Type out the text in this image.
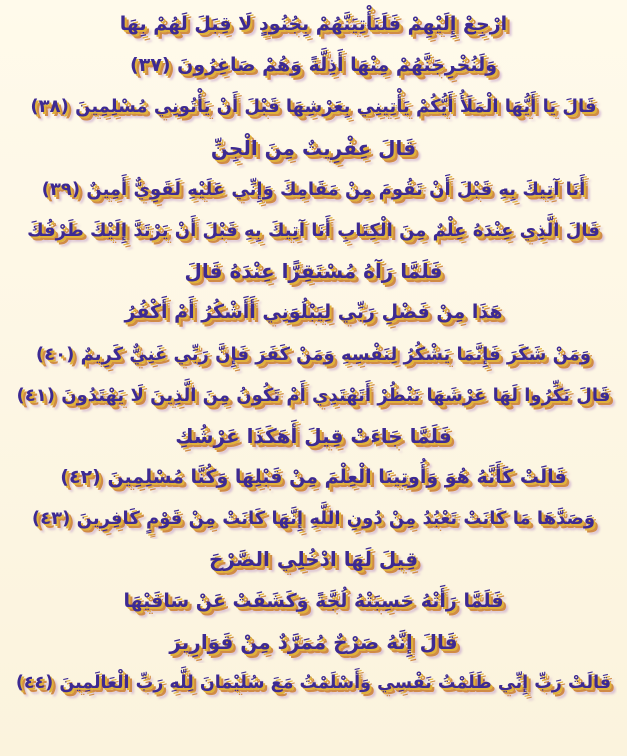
ارْجِعْ إِلَيْهِمْ فَلَنَأْتِيَنَّهُمْ بِجُنُودٍ لَا قِبَلَ لَهُمْ بِهَا
وَلَنُخْرِجَنَّهُمْ مِنْهَا أَذِلَّةً وَهُمْ صَاغِرُونَ (٣٧)
قَالَ يَا أَيُّهَا الْمَلَأُ أَيُّكُمْ يَأْتِينِي بِعَرْشِهَا قَبْلَ أَنْ يَأْتُونِي مُسْلِمِينَ (٣٨)
قَالَ عِفْرِيتٌ مِنَ الْجِنِّ
أَنَا آتِيكَ بِهِ قَبْلَ أَنْ تَقُومَ مِنْ مَقَامِكَ وَإِنِّي عَلَيْهِ لَقَوِيٌّ أَمِينٌ (٣٩)
قَالَ الَّذِي عِنْدَهُ عِلْمٌ مِنَ الْكِتَابِ أَنَا آتِيكَ بِهِ قَبْلَ أَنْ يَرْتَدَّ إِلَيْكَ طَرْفُكَ
فَلَمَّا رَآهُ مُسْتَقِرًّا عِنْدَهُ قَالَ
هَذَا مِنْ فَضْلِ رَبِّي لِيَبْلُوَنِي أَأَشْكُرُ أَمْ أَكْفُرُ
وَمَنْ شَكَرَ فَإِنَّمَا يَشْكُرُ لِنَفْسِهِ وَمَنْ كَفَرَ فَإِنَّ رَبِّي غَنِيٌّ كَرِيمٌ (٤٠)
قَالَ نَكِّرُوا لَهَا عَرْشَهَا نَنْظُرْ أَتَهْتَدِي أَمْ تَكُونُ مِنَ الَّذِينَ لَا يَهْتَدُونَ (٤١)
فَلَمَّا جَاءَتْ قِيلَ أَهَكَذَا عَرْشُكِ
قَالَتْ كَأَنَّهُ هُوَ وَأُوتِينَا الْعِلْمَ مِنْ قَبْلِهَا وَكُنَّا مُسْلِمِينَ (٤٢)
وَصَدَّهَا مَا كَانَتْ تَعْبُدُ مِنْ دُونِ اللَّهِ إِنَّهَا كَانَتْ مِنْ قَوْمٍ كَافِرِينَ (٤٣)
قِيلَ لَهَا ادْخُلِي الصَّرْحَ
فَلَمَّا رَأَتْهُ حَسِبَتْهُ لُجَّةً وَكَشَفَتْ عَنْ سَاقَيْهَا
قَالَ إِنَّهُ صَرْحٌ مُمَرَّدٌ مِنْ قَوَارِيرَ
قَالَتْ رَبِّ إِنِّي ظَلَمْتُ نَفْسِي وَأَسْلَمْتُ مَعَ سُلَيْمَانَ لِلَّهِ رَبِّ الْعَالَمِينَ (٤٤)
